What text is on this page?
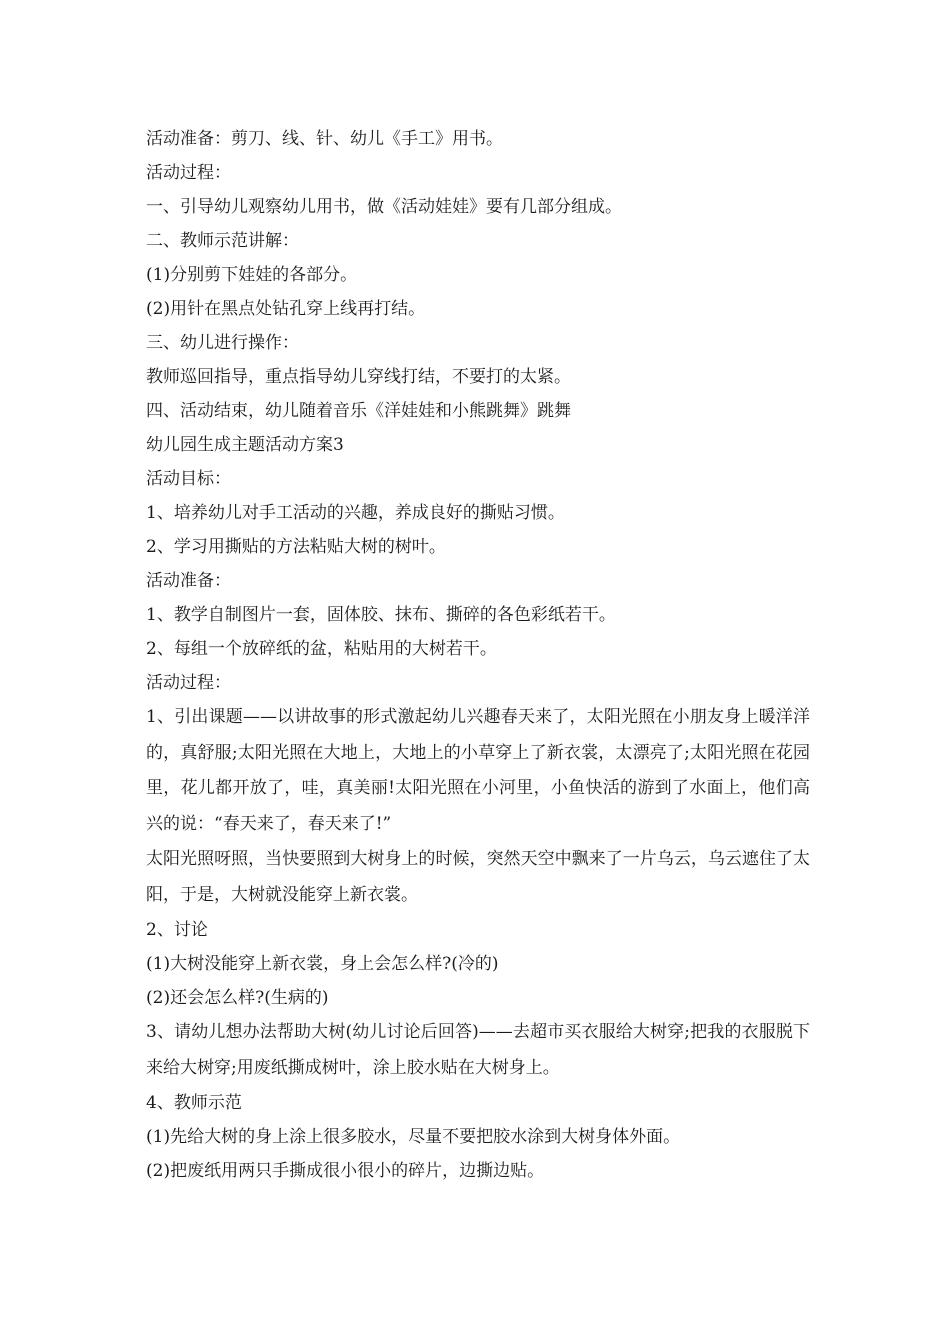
活动准备：剪刀、线、针、幼儿《手工》用书。
活动过程：
一、引导幼儿观察幼儿用书，做《活动娃娃》要有几部分组成。
二、教师示范讲解：
(1)分别剪下娃娃的各部分。
(2)用针在黑点处钻孔穿上线再打结。
三、幼儿进行操作：
教师巡回指导，重点指导幼儿穿线打结，不要打的太紧。
四、活动结束，幼儿随着音乐《洋娃娃和小熊跳舞》跳舞
幼儿园生成主题活动方案3
活动目标：
1、培养幼儿对手工活动的兴趣，养成良好的撕贴习惯。
2、学习用撕贴的方法粘贴大树的树叶。
活动准备：
1、教学自制图片一套，固体胶、抹布、撕碎的各色彩纸若干。
2、每组一个放碎纸的盆，粘贴用的大树若干。
活动过程：
1、引出课题——以讲故事的形式激起幼儿兴趣春天来了，太阳光照在小朋友身上暖洋洋的，真舒服;太阳光照在大地上，大地上的小草穿上了新衣裳，太漂亮了;太阳光照在花园里，花儿都开放了，哇，真美丽!太阳光照在小河里，小鱼快活的游到了水面上，他们高兴的说：“春天来了，春天来了!”
太阳光照呀照，当快要照到大树身上的时候，突然天空中飘来了一片乌云，乌云遮住了太阳，于是，大树就没能穿上新衣裳。
2、讨论
(1)大树没能穿上新衣裳，身上会怎么样?(冷的)
(2)还会怎么样?(生病的)
3、请幼儿想办法帮助大树(幼儿讨论后回答)——去超市买衣服给大树穿;把我的衣服脱下来给大树穿;用废纸撕成树叶，涂上胶水贴在大树身上。
4、教师示范
(1)先给大树的身上涂上很多胶水，尽量不要把胶水涂到大树身体外面。
(2)把废纸用两只手撕成很小很小的碎片，边撕边贴。
